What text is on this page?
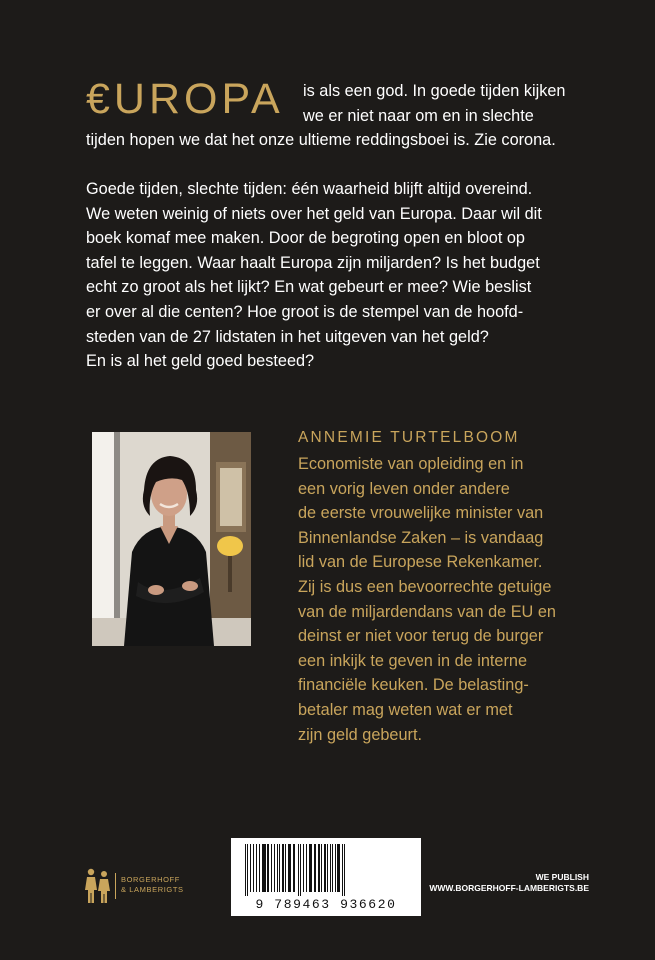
€UROPA is als een god. In goede tijden kijken
we er niet naar om en in slechte

tijden hopen we dat het onze ultieme reddingsboei is. Zie corona.

Goede tijden, slechte tijden: één waarheid blijft altijd overeind.
We weten weinig of niets over het geld van Europa. Daar wil dit
boek komaf mee maken. Door de begroting open en bloot op
tafel te leggen. Waar haalt Europa zijn miljarden? Is het budget
echt zo groot als het lijkt? En wat gebeurt er mee? Wie beslist
er over al die centen? Hoe groot is de stempel van de hoofd-
steden van de 27 lidstaten in het uitgeven van het geld?
En is al het geld goed besteed?

ANNEMIE TURTELBOOM

Economiste van opleiding en in
een vorig leven onder andere
de eerste vrouwelijke minister van
Binnenlandse Zaken – is vandaag
lid van de Europese Rekenkamer.
Zij is dus een bevoorrechte getuige
van de miljardendans van de EU en
deinst er niet voor terug de burger
een inkijk te geven in de interne
financiële keuken. De belasting-
betaler mag weten wat er met
zijn geld gebeurt.

BORGERHOFF
& LAMBERIGTS
9 789463 936620
WE PUBLISH
WWW.BORGERHOFF-LAMBERIGTS.BE
